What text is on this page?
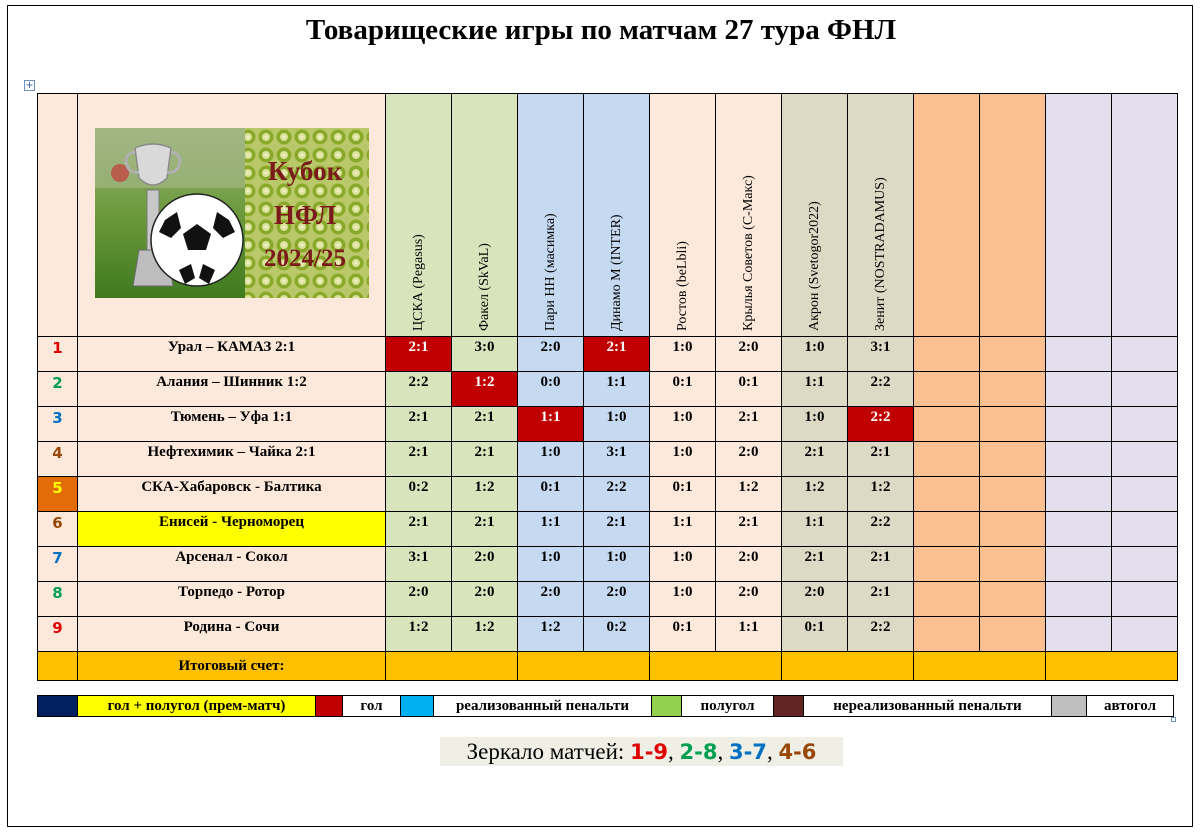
Товарищеские игры по матчам 27 тура ФНЛ
+

Кубок
НФЛ
2024/25	ЦСКА (Pegasus)	Факел (SkVaL)	Пари НН (масимка)	Динамо М (INTER)	Ростов (beLbli)	Крылья Советов (С-Макс)	Акрон (Svetogor2022)	Зенит (NOSTRADAMUS)				
1	Урал – КАМАЗ 2:1	2:1	3:0	2:0	2:1	1:0	2:0	1:0	3:1				
2	Алания – Шинник 1:2	2:2	1:2	0:0	1:1	0:1	0:1	1:1	2:2				
3	Тюмень – Уфа 1:1	2:1	2:1	1:1	1:0	1:0	2:1	1:0	2:2				
4	Нефтехимик – Чайка 2:1	2:1	2:1	1:0	3:1	1:0	2:0	2:1	2:1				
5	СКА-Хабаровск - Балтика	0:2	1:2	0:1	2:2	0:1	1:2	1:2	1:2				
6	Енисей - Черноморец	2:1	2:1	1:1	2:1	1:1	2:1	1:1	2:2				
7	Арсенал - Сокол	3:1	2:0	1:0	1:0	1:0	2:0	2:1	2:1				
8	Торпедо - Ротор	2:0	2:0	2:0	2:0	1:0	2:0	2:0	2:1				
9	Родина - Сочи	1:2	1:2	1:2	0:2	0:1	1:1	0:1	2:2				
	Итоговый счет:												
	гол + полугол (прем-матч)		гол		реализованный пенальти		полугол		нереализованный пенальти		автогол
Зеркало матчей: 1-9, 2-8, 3-7, 4-6
